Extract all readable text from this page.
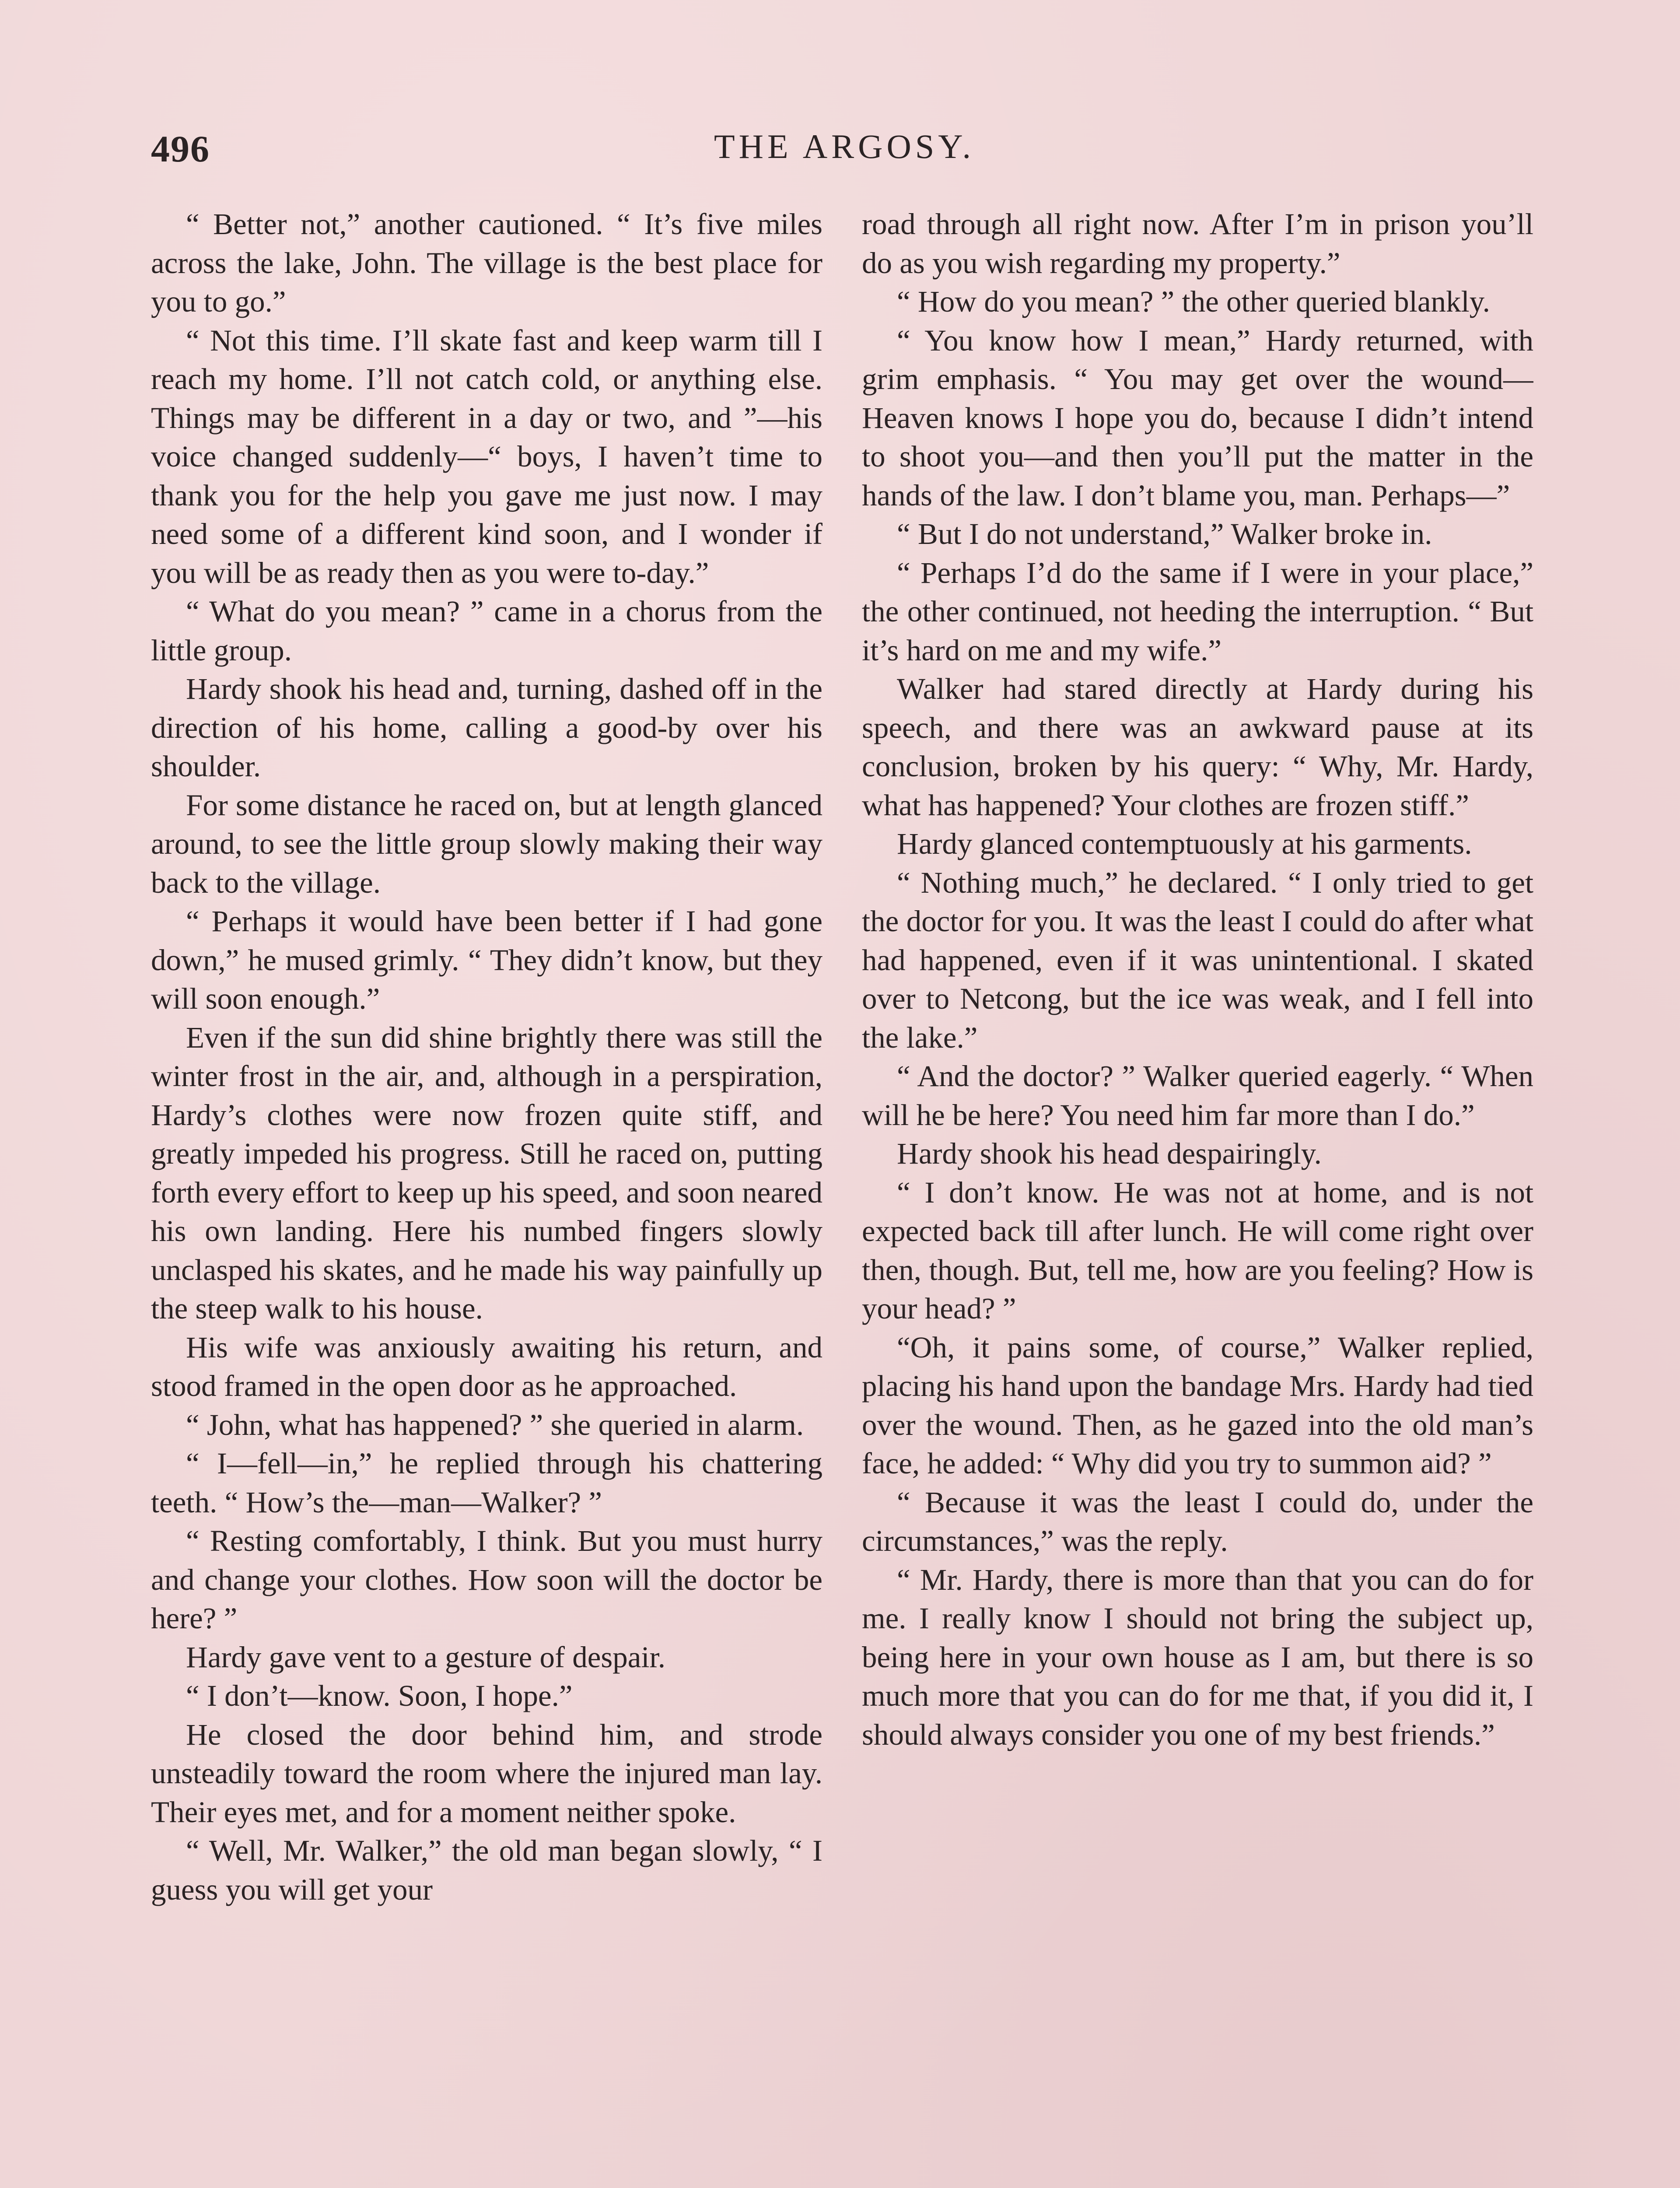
496	THE ARGOSY.

“ Better not,” another cautioned. “ It’s five miles across the lake, John. The village is the best place for you to go.”

“ Not this time. I’ll skate fast and keep warm till I reach my home. I’ll not catch cold, or anything else. Things may be different in a day or two, and ”—his voice changed suddenly—“ boys, I haven’t time to thank you for the help you gave me just now. I may need some of a different kind soon, and I wonder if you will be as ready then as you were to-day.”

“ What do you mean? ” came in a chorus from the little group.

Hardy shook his head and, turning, dashed off in the direction of his home, calling a good-by over his shoulder.

For some distance he raced on, but at length glanced around, to see the little group slowly making their way back to the village.

“ Perhaps it would have been better if I had gone down,” he mused grimly. “ They didn’t know, but they will soon enough.”

Even if the sun did shine brightly there was still the winter frost in the air, and, although in a perspiration, Hardy’s clothes were now frozen quite stiff, and greatly impeded his progress. Still he raced on, putting forth every effort to keep up his speed, and soon neared his own landing. Here his numbed fingers slowly unclasped his skates, and he made his way painfully up the steep walk to his house.

His wife was anxiously awaiting his return, and stood framed in the open door as he approached.

“ John, what has happened? ” she queried in alarm.

“ I—fell—in,” he replied through his chattering teeth. “ How’s the—man—Walker? ”

“ Resting comfortably, I think. But you must hurry and change your clothes. How soon will the doctor be here? ”

Hardy gave vent to a gesture of despair.

“ I don’t—know. Soon, I hope.”

He closed the door behind him, and strode unsteadily toward the room where the injured man lay. Their eyes met, and for a moment neither spoke.

“ Well, Mr. Walker,” the old man began slowly, “ I guess you will get your

road through all right now. After I’m in prison you’ll do as you wish regarding my property.”

“ How do you mean? ” the other queried blankly.

“ You know how I mean,” Hardy returned, with grim emphasis. “ You may get over the wound—Heaven knows I hope you do, because I didn’t intend to shoot you—and then you’ll put the matter in the hands of the law. I don’t blame you, man. Perhaps—”

“ But I do not understand,” Walker broke in.

“ Perhaps I’d do the same if I were in your place,” the other continued, not heeding the interruption. “ But it’s hard on me and my wife.”

Walker had stared directly at Hardy during his speech, and there was an awkward pause at its conclusion, broken by his query: “ Why, Mr. Hardy, what has happened? Your clothes are frozen stiff.”

Hardy glanced contemptuously at his garments.

“ Nothing much,” he declared. “ I only tried to get the doctor for you. It was the least I could do after what had happened, even if it was unintentional. I skated over to Netcong, but the ice was weak, and I fell into the lake.”

“ And the doctor? ” Walker queried eagerly. “ When will he be here? You need him far more than I do.”

Hardy shook his head despairingly.

“ I don’t know. He was not at home, and is not expected back till after lunch. He will come right over then, though. But, tell me, how are you feeling? How is your head? ”

“Oh, it pains some, of course,” Walker replied, placing his hand upon the bandage Mrs. Hardy had tied over the wound. Then, as he gazed into the old man’s face, he added: “ Why did you try to summon aid? ”

“ Because it was the least I could do, under the circumstances,” was the reply.

“ Mr. Hardy, there is more than that you can do for me. I really know I should not bring the subject up, being here in your own house as I am, but there is so much more that you can do for me that, if you did it, I should always consider you one of my best friends.”
